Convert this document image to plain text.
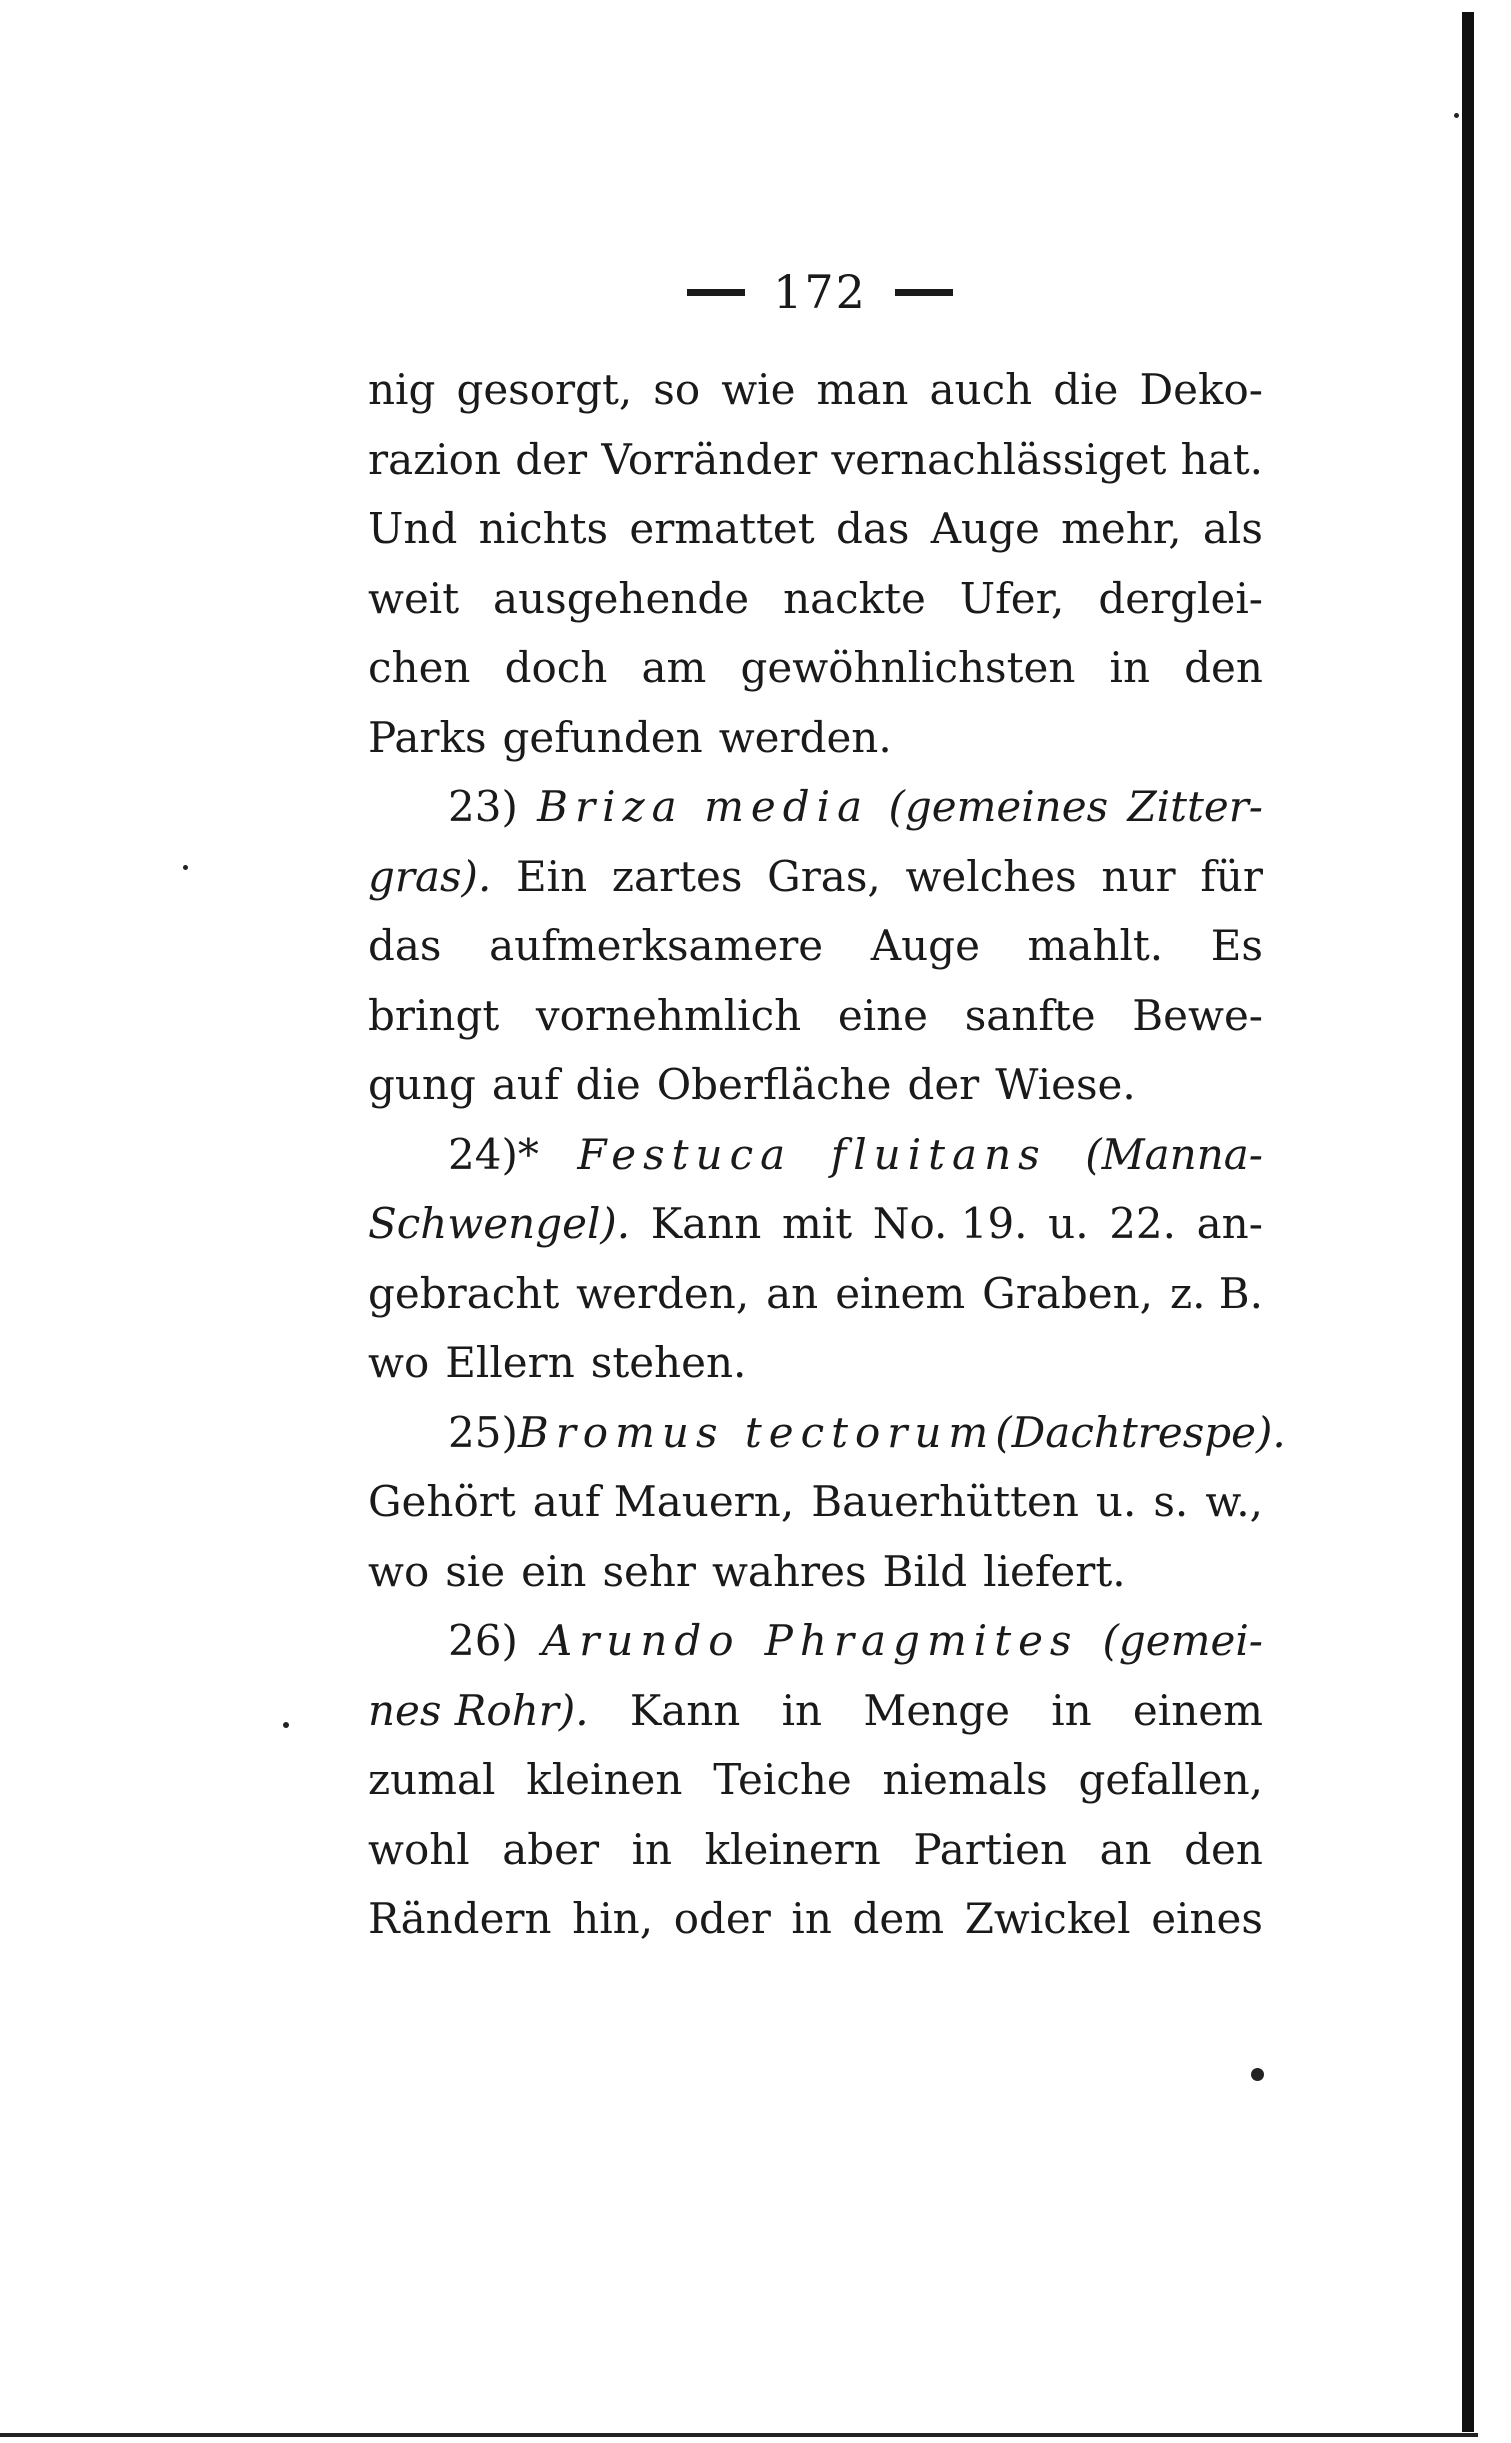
172
nig gesorgt, so wie man auch die Deko-
razion der Vorränder vernachlässiget hat.
Und nichts ermattet das Auge mehr, als
weit ausgehende nackte Ufer, derglei-
chen doch am gewöhnlichsten in den
Parks gefunden werden.
23) Briza media (gemeines Zitter-
gras). Ein zartes Gras, welches nur für
das aufmerksamere Auge mahlt. Es
bringt vornehmlich eine sanfte Bewe-
gung auf die Oberfläche der Wiese.
24)* Festuca fluitans (Manna-
Schwengel). Kann mit No. 19. u. 22. an-
gebracht werden, an einem Graben, z. B.
wo Ellern stehen.
25) Bromus tectorum (Dachtrespe).
Gehört auf Mauern, Bauerhütten u. s. w.,
wo sie ein sehr wahres Bild liefert.
26) Arundo Phragmites (gemei-
nes Rohr). Kann in Menge in einem
zumal kleinen Teiche niemals gefallen,
wohl aber in kleinern Partien an den
Rändern hin, oder in dem Zwickel eines
